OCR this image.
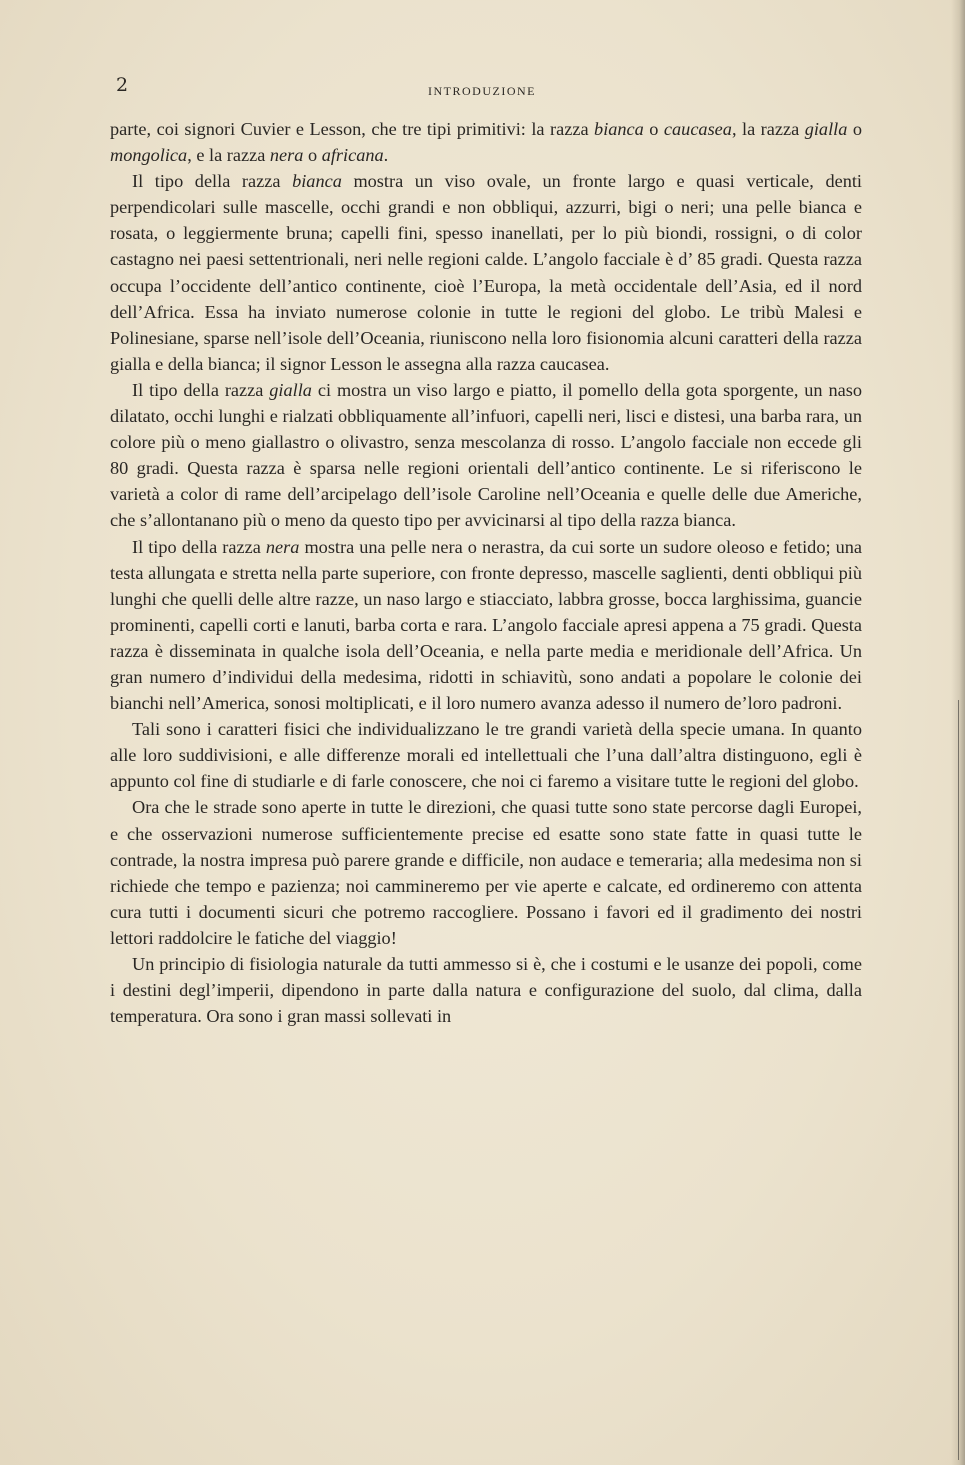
2	INTRODUZIONE

parte, coi signori Cuvier e Lesson, che tre tipi primitivi: la razza bianca o caucasea, la razza gialla o mongolica, e la razza nera o africana.

Il tipo della razza bianca mostra un viso ovale, un fronte largo e quasi verticale, denti perpendicolari sulle mascelle, occhi grandi e non obbliqui, azzurri, bigi o neri; una pelle bianca e rosata, o leggiermente bruna; capelli fini, spesso inanellati, per lo più biondi, rossigni, o di color castagno nei paesi settentrionali, neri nelle regioni calde. L’angolo facciale è d’ 85 gradi. Questa razza occupa l’occidente dell’antico continente, cioè l’Europa, la metà occidentale dell’Asia, ed il nord dell’Africa. Essa ha inviato numerose colonie in tutte le regioni del globo. Le tribù Malesi e Polinesiane, sparse nell’isole dell’Oceania, riuniscono nella loro fisionomia alcuni caratteri della razza gialla e della bianca; il signor Lesson le assegna alla razza caucasea.

Il tipo della razza gialla ci mostra un viso largo e piatto, il pomello della gota sporgente, un naso dilatato, occhi lunghi e rialzati obbliquamente all’infuori, capelli neri, lisci e distesi, una barba rara, un colore più o meno giallastro o olivastro, senza mescolanza di rosso. L’angolo facciale non eccede gli 80 gradi. Questa razza è sparsa nelle regioni orientali dell’antico continente. Le si riferiscono le varietà a color di rame dell’arcipelago dell’isole Caroline nell’Oceania e quelle delle due Americhe, che s’allontanano più o meno da questo tipo per avvicinarsi al tipo della razza bianca.

Il tipo della razza nera mostra una pelle nera o nerastra, da cui sorte un sudore oleoso e fetido; una testa allungata e stretta nella parte superiore, con fronte depresso, mascelle saglienti, denti obbliqui più lunghi che quelli delle altre razze, un naso largo e stiacciato, labbra grosse, bocca larghissima, guancie prominenti, capelli corti e lanuti, barba corta e rara. L’angolo facciale apresi appena a 75 gradi. Questa razza è disseminata in qualche isola dell’Oceania, e nella parte media e meridionale dell’Africa. Un gran numero d’individui della medesima, ridotti in schiavitù, sono andati a popolare le colonie dei bianchi nell’America, sonosi moltiplicati, e il loro numero avanza adesso il numero de’loro padroni.

Tali sono i caratteri fisici che individualizzano le tre grandi varietà della specie umana. In quanto alle loro suddivisioni, e alle differenze morali ed intellettuali che l’una dall’altra distinguono, egli è appunto col fine di studiarle e di farle conoscere, che noi ci faremo a visitare tutte le regioni del globo.

Ora che le strade sono aperte in tutte le direzioni, che quasi tutte sono state percorse dagli Europei, e che osservazioni numerose sufficientemente precise ed esatte sono state fatte in quasi tutte le contrade, la nostra impresa può parere grande e difficile, non audace e temeraria; alla medesima non si richiede che tempo e pazienza; noi cammineremo per vie aperte e calcate, ed ordineremo con attenta cura tutti i documenti sicuri che potremo raccogliere. Possano i favori ed il gradimento dei nostri lettori raddolcire le fatiche del viaggio!

Un principio di fisiologia naturale da tutti ammesso si è, che i costumi e le usanze dei popoli, come i destini degl’imperii, dipendono in parte dalla natura e configurazione del suolo, dal clima, dalla temperatura. Ora sono i gran massi sollevati in
